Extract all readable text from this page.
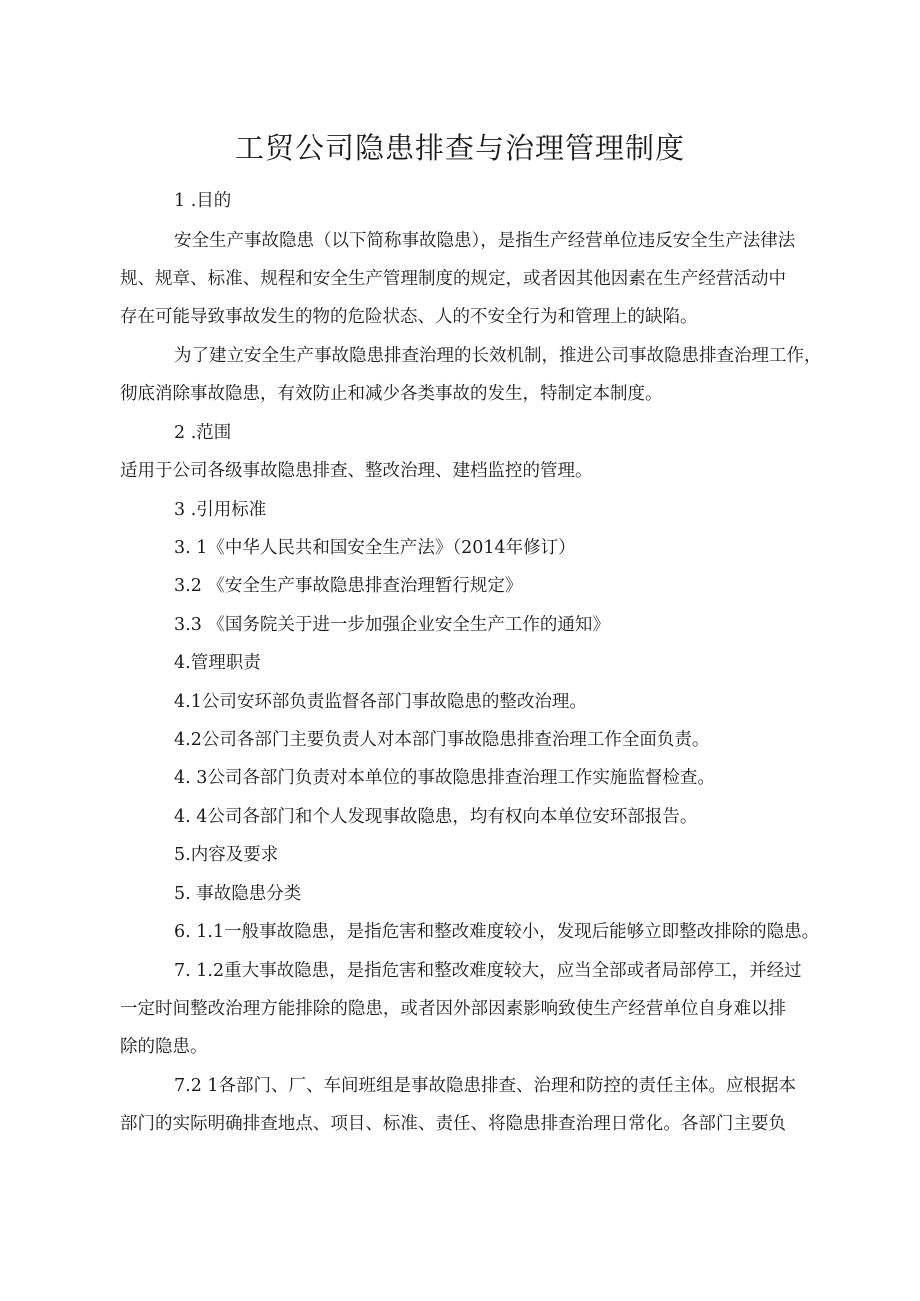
工贸公司隐患排查与治理管理制度

1 .目的

安全生产事故隐患（以下简称事故隐患），是指生产经营单位违反安全生产法律法

规、规章、标准、规程和安全生产管理制度的规定，或者因其他因素在生产经营活动中

存在可能导致事故发生的物的危险状态、人的不安全行为和管理上的缺陷。

为了建立安全生产事故隐患排查治理的长效机制，推进公司事故隐患排查治理工作，

彻底消除事故隐患，有效防止和减少各类事故的发生，特制定本制度。

2 .范围

适用于公司各级事故隐患排查、整改治理、建档监控的管理。

3 .引用标准

3. 1《中华人民共和国安全生产法》（2014年修订）

3.2 《安全生产事故隐患排查治理暂行规定》

3.3 《国务院关于进一步加强企业安全生产工作的通知》

4.管理职责

4.1公司安环部负责监督各部门事故隐患的整改治理。

4.2公司各部门主要负责人对本部门事故隐患排查治理工作全面负责。

4. 3公司各部门负责对本单位的事故隐患排查治理工作实施监督检查。

4. 4公司各部门和个人发现事故隐患，均有权向本单位安环部报告。

5.内容及要求

5. 事故隐患分类

6. 1.1一般事故隐患，是指危害和整改难度较小，发现后能够立即整改排除的隐患。

7. 1.2重大事故隐患，是指危害和整改难度较大，应当全部或者局部停工，并经过

一定时间整改治理方能排除的隐患，或者因外部因素影响致使生产经营单位自身难以排

除的隐患。

7.2 1各部门、厂、车间班组是事故隐患排查、治理和防控的责任主体。应根据本

部门的实际明确排查地点、项目、标准、责任、将隐患排查治理日常化。各部门主要负
